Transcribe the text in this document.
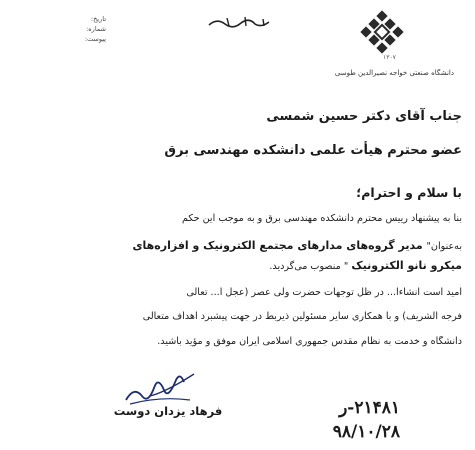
تاریخ:
شماره:
پیوست:
۱۳۰۷
دانشگاه صنعتی خواجه نصیرالدین طوسی
جناب آقای دکتر حسین شمسی
عضو محترم هیأت علمی دانشکده مهندسی برق
با سلام و احترام؛
بنا به پیشنهاد رییس محترم دانشکده مهندسی برق و به موجب این حکم
به‌عنوان" مدیر گروه‌های مدارهای مجتمع الکترونیک و افزاره‌های
میکرو نانو الکترونیک " منصوب می‌گردید.
امید است انشاءا... در ظل توجهات حضرت ولی عصر (عجل ا... تعالی
فرجه الشریف) و با همکاری سایر مسئولین ذیربط در جهت پیشبرد اهداف متعالی
دانشگاه و خدمت به نظام مقدس جمهوری اسلامی ایران موفق و مؤید باشید.
فرهاد یزدان دوست	۲۱۴۸۱-ر
۹۸/۱۰/۲۸
